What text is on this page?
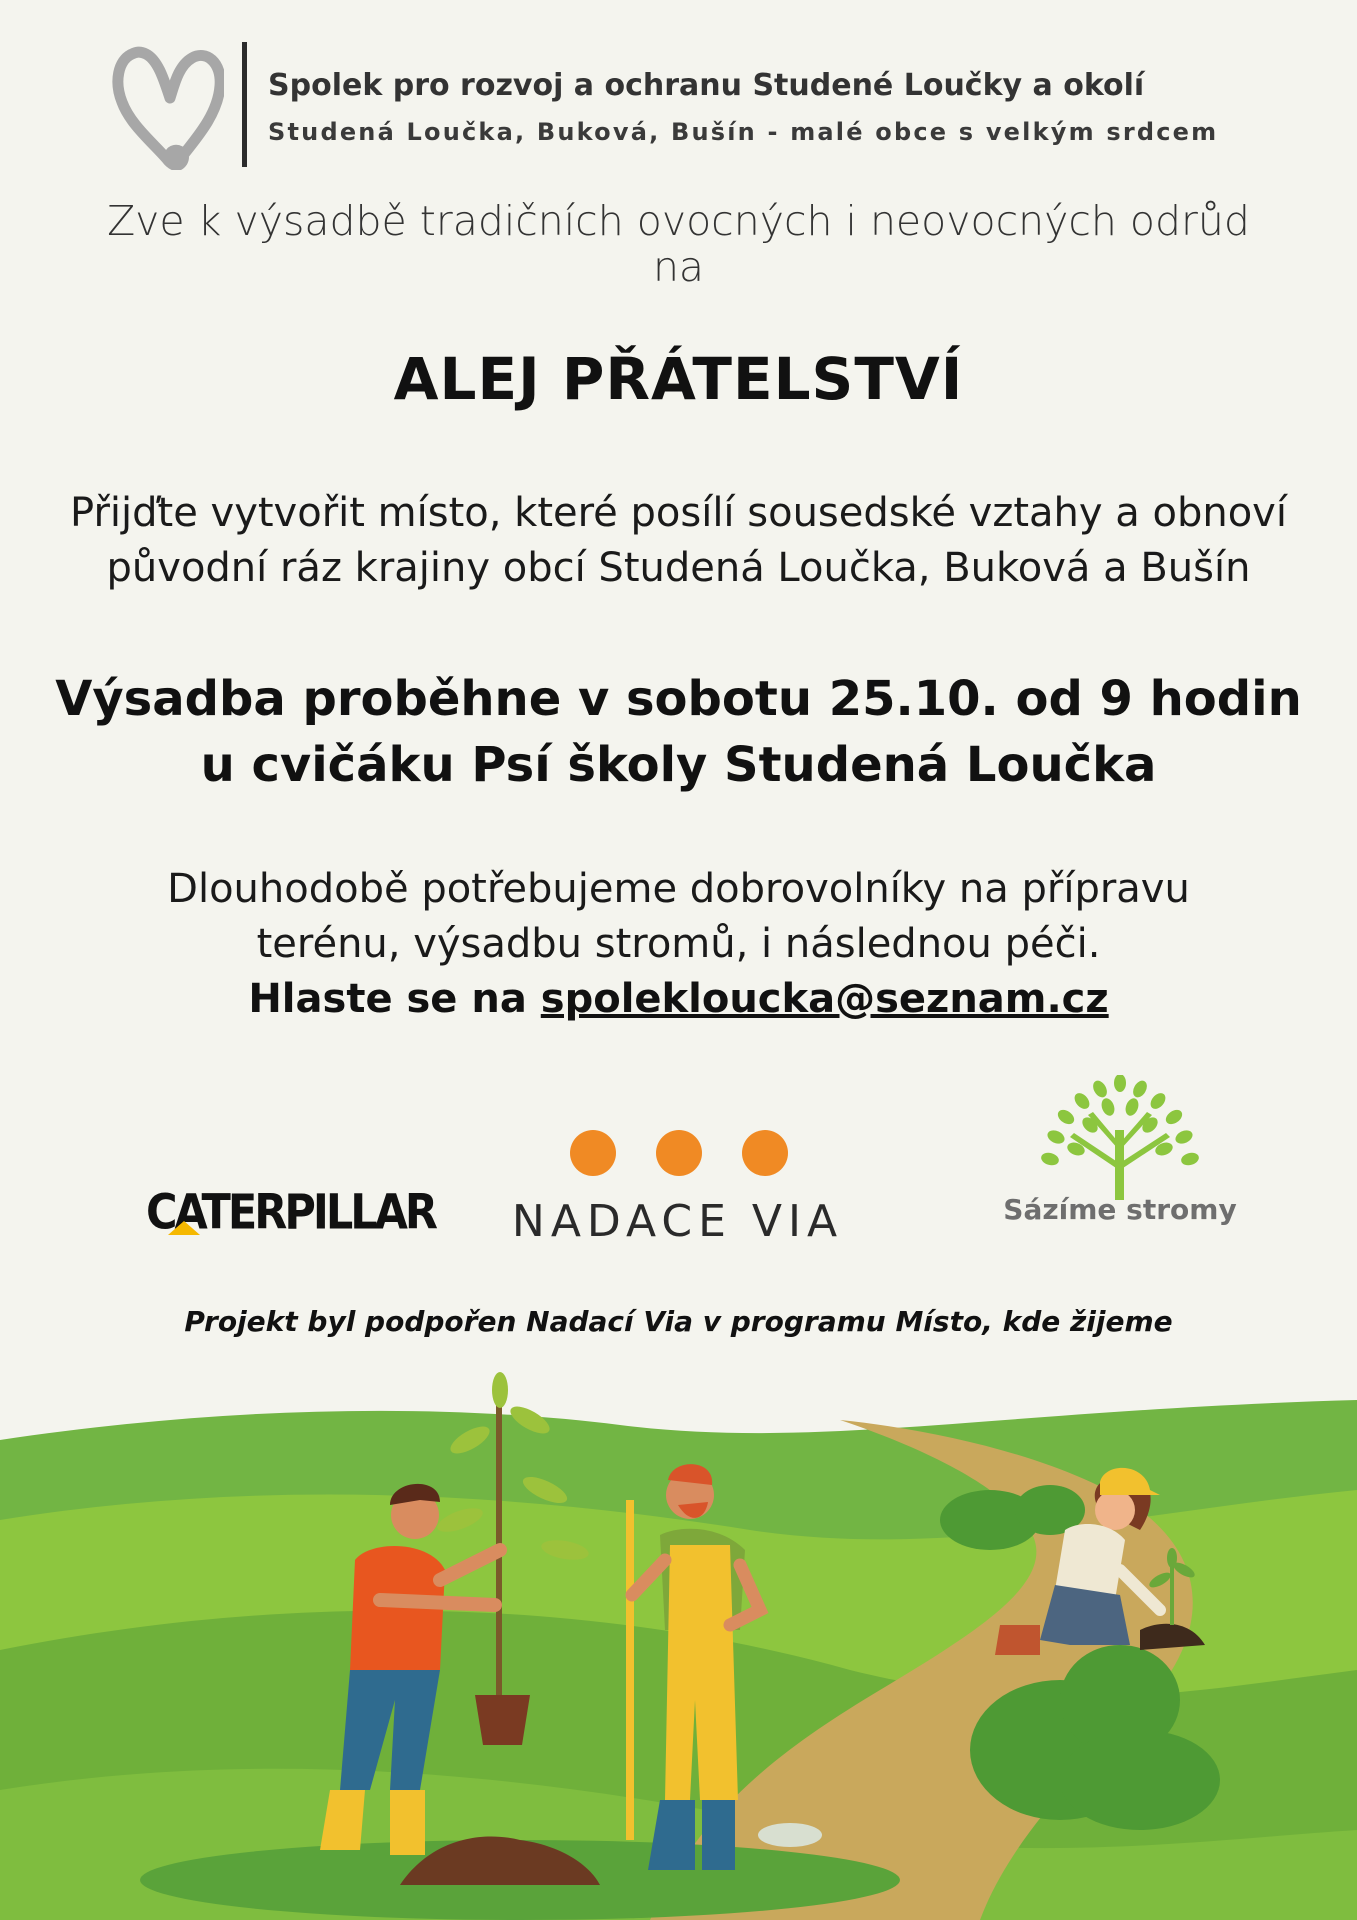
Spolek pro rozvoj a ochranu Studené Loučky a okolí
Studená Loučka, Buková, Bušín - malé obce s velkým srdcem
Zve k výsadbě tradičních ovocných i neovocných odrůd
na
ALEJ PŘÁTELSTVÍ
Přijďte vytvořit místo, které posílí sousedské vztahy a obnoví
původní ráz krajiny obcí Studená Loučka, Buková a Bušín
Výsadba proběhne v sobotu 25.10. od 9 hodin
u cvičáku Psí školy Studená Loučka
Dlouhodobě potřebujeme dobrovolníky na přípravu
terénu, výsadbu stromů, i následnou péči.
Hlaste se na spolekloucka@seznam.cz
CATERPILLAR NADACE VIA	Sázíme stromy
Projekt byl podpořen Nadací Via v programu Místo, kde žijeme
